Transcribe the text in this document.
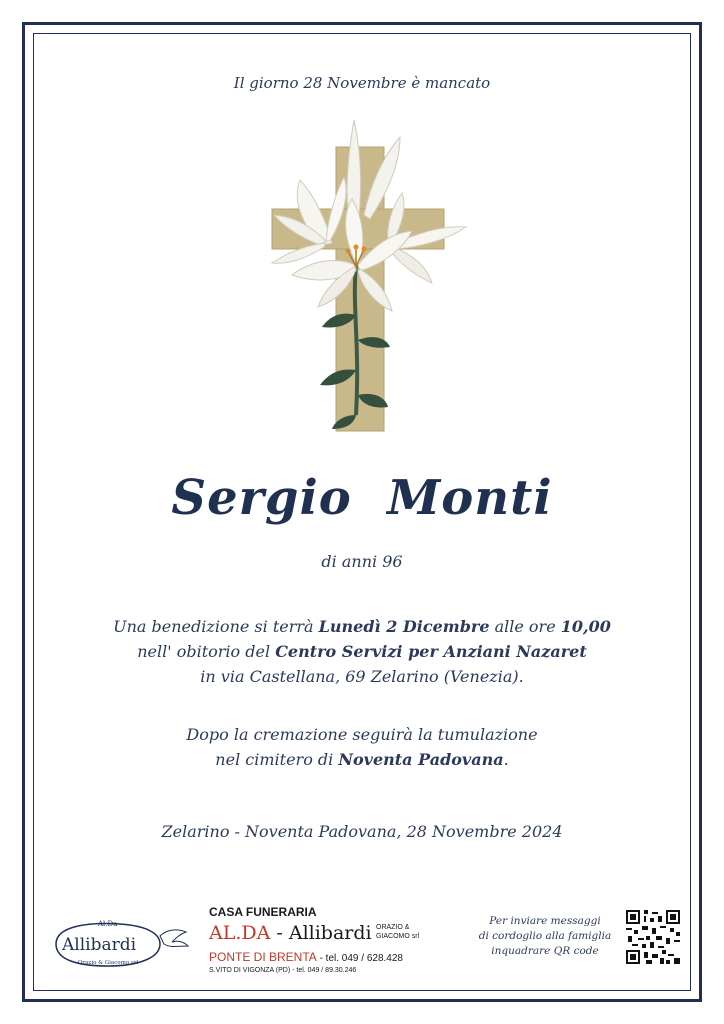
Il giorno 28 Novembre è mancato
Sergio  Monti
di anni 96
Una benedizione si terrà Lunedì 2 Dicembre alle ore 10,00
nell' obitorio del Centro Servizi per Anziani Nazaret
in via Castellana, 69 Zelarino (Venezia).
Dopo la cremazione seguirà la tumulazione
nel cimitero di Noventa Padovana.
Zelarino - Noventa Padovana, 28 Novembre 2024
Al.Da
Allibardi
Orazio & Giacomo srl
CASA FUNERARIA
AL.DA - Allibardi ORAZIO &
GIACOMO srl
PONTE DI BRENTA - tel. 049 / 628.428
S.VITO DI VIGONZA (PD) - tel. 049 / 89.30.246
Per inviare messaggi
di cordoglio alla famiglia
inquadrare QR code
